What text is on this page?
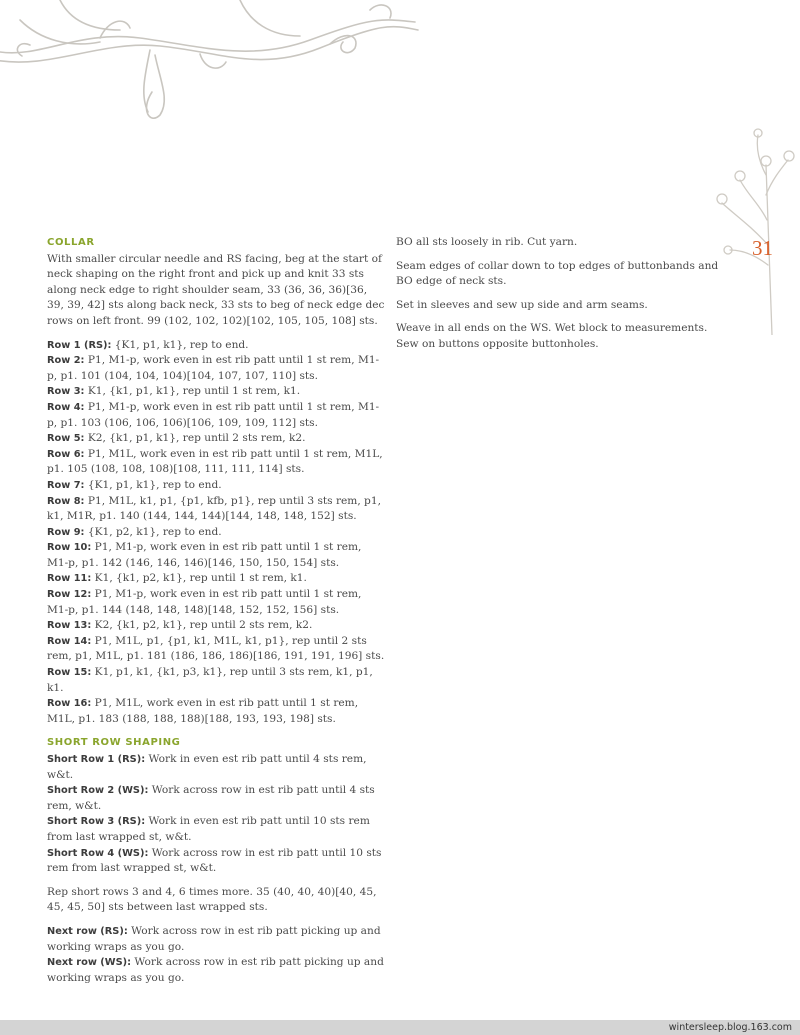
31
COLLAR

With smaller circular needle and RS facing, beg at the start of neck shaping on the right front and pick up and knit 33 sts along neck edge to right shoulder seam, 33 (36, 36, 36)[36, 39, 39, 42] sts along back neck, 33 sts to beg of neck edge dec rows on left front. 99 (102, 102, 102)[102, 105, 105, 108] sts.

Row 1 (RS): {K1, p1, k1}, rep to end.
Row 2: P1, M1-p, work even in est rib patt until 1 st rem, M1-p, p1. 101 (104, 104, 104)[104, 107, 107, 110] sts.
Row 3: K1, {k1, p1, k1}, rep until 1 st rem, k1.
Row 4: P1, M1-p, work even in est rib patt until 1 st rem, M1-p, p1. 103 (106, 106, 106)[106, 109, 109, 112] sts.
Row 5: K2, {k1, p1, k1}, rep until 2 sts rem, k2.
Row 6: P1, M1L, work even in est rib patt until 1 st rem, M1L, p1. 105 (108, 108, 108)[108, 111, 111, 114] sts.
Row 7: {K1, p1, k1}, rep to end.
Row 8: P1, M1L, k1, p1, {p1, kfb, p1}, rep until 3 sts rem, p1, k1, M1R, p1. 140 (144, 144, 144)[144, 148, 148, 152] sts.
Row 9: {K1, p2, k1}, rep to end.
Row 10: P1, M1-p, work even in est rib patt until 1 st rem, M1-p, p1. 142 (146, 146, 146)[146, 150, 150, 154] sts.
Row 11: K1, {k1, p2, k1}, rep until 1 st rem, k1.
Row 12: P1, M1-p, work even in est rib patt until 1 st rem, M1-p, p1. 144 (148, 148, 148)[148, 152, 152, 156] sts.
Row 13: K2, {k1, p2, k1}, rep until 2 sts rem, k2.
Row 14: P1, M1L, p1, {p1, k1, M1L, k1, p1}, rep until 2 sts rem, p1, M1L, p1. 181 (186, 186, 186)[186, 191, 191, 196] sts.
Row 15: K1, p1, k1, {k1, p3, k1}, rep until 3 sts rem, k1, p1, k1.
Row 16: P1, M1L, work even in est rib patt until 1 st rem, M1L, p1. 183 (188, 188, 188)[188, 193, 193, 198] sts.
SHORT ROW SHAPING
Short Row 1 (RS): Work in even est rib patt until 4 sts rem, w&t.
Short Row 2 (WS): Work across row in est rib patt until 4 sts rem, w&t.
Short Row 3 (RS): Work in even est rib patt until 10 sts rem from last wrapped st, w&t.
Short Row 4 (WS): Work across row in est rib patt until 10 sts rem from last wrapped st, w&t.

Rep short rows 3 and 4, 6 times more. 35 (40, 40, 40)[40, 45, 45, 45, 50] sts between last wrapped sts.

Next row (RS): Work across row in est rib patt picking up and working wraps as you go.
Next row (WS): Work across row in est rib patt picking up and working wraps as you go.

BO all sts loosely in rib. Cut yarn.

Seam edges of collar down to top edges of buttonbands and BO edge of neck sts.

Set in sleeves and sew up side and arm seams.

Weave in all ends on the WS. Wet block to measurements. Sew on buttons opposite buttonholes.

wintersleep.blog.163.com
